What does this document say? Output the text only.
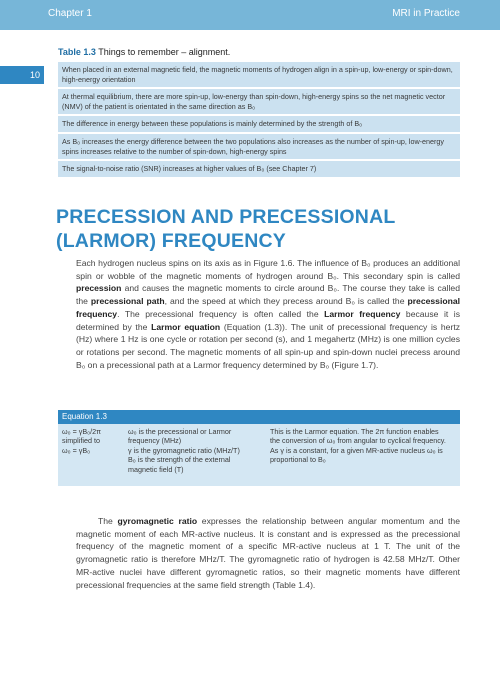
Chapter 1	MRI in Practice
10
Table 1.3 Things to remember – alignment.
When placed in an external magnetic field, the magnetic moments of hydrogen align in a spin-up, low-energy or spin-down, high-energy orientation
At thermal equilibrium, there are more spin-up, low-energy than spin-down, high-energy spins so the net magnetic vector (NMV) of the patient is orientated in the same direction as B₀
The difference in energy between these populations is mainly determined by the strength of B₀
As B₀ increases the energy difference between the two populations also increases as the number of spin-up, low-energy spins increases relative to the number of spin-down, high-energy spins
The signal-to-noise ratio (SNR) increases at higher values of B₀ (see Chapter 7)
PRECESSION AND PRECESSIONAL (LARMOR) FREQUENCY

Each hydrogen nucleus spins on its axis as in Figure 1.6. The influence of B₀ produces an additional spin or wobble of the magnetic moments of hydrogen around B₀. This secondary spin is called precession and causes the magnetic moments to circle around B₀. The course they take is called the precessional path, and the speed at which they precess around B₀ is called the precessional frequency. The precessional frequency is often called the Larmor frequency because it is determined by the Larmor equation (Equation (1.3)). The unit of precessional frequency is hertz (Hz) where 1 Hz is one cycle or rotation per second (s), and 1 megahertz (MHz) is one million cycles or rotations per second. The magnetic moments of all spin-up and spin-down nuclei precess around B₀ on a precessional path at a Larmor frequency determined by B₀ (Figure 1.7).

Equation 1.3
ω₀ = γB₀/2π
simplified to
ω₀ = γB₀
ω₀ is the precessional or Larmor frequency (MHz)
γ is the gyromagnetic ratio (MHz/T)
B₀ is the strength of the external magnetic field (T)
This is the Larmor equation. The 2π function enables the conversion of ω₀ from angular to cyclical frequency. As γ is a constant, for a given MR-active nucleus ω₀ is proportional to B₀

The gyromagnetic ratio expresses the relationship between angular momentum and the magnetic moment of each MR-active nucleus. It is constant and is expressed as the precessional frequency of the magnetic moment of a specific MR-active nucleus at 1 T. The unit of the gyromagnetic ratio is therefore MHz/T. The gyromagnetic ratio of hydrogen is 42.58 MHz/T. Other MR-active nuclei have different gyromagnetic ratios, so their magnetic moments have different precessional frequencies at the same field strength (Table 1.4).
